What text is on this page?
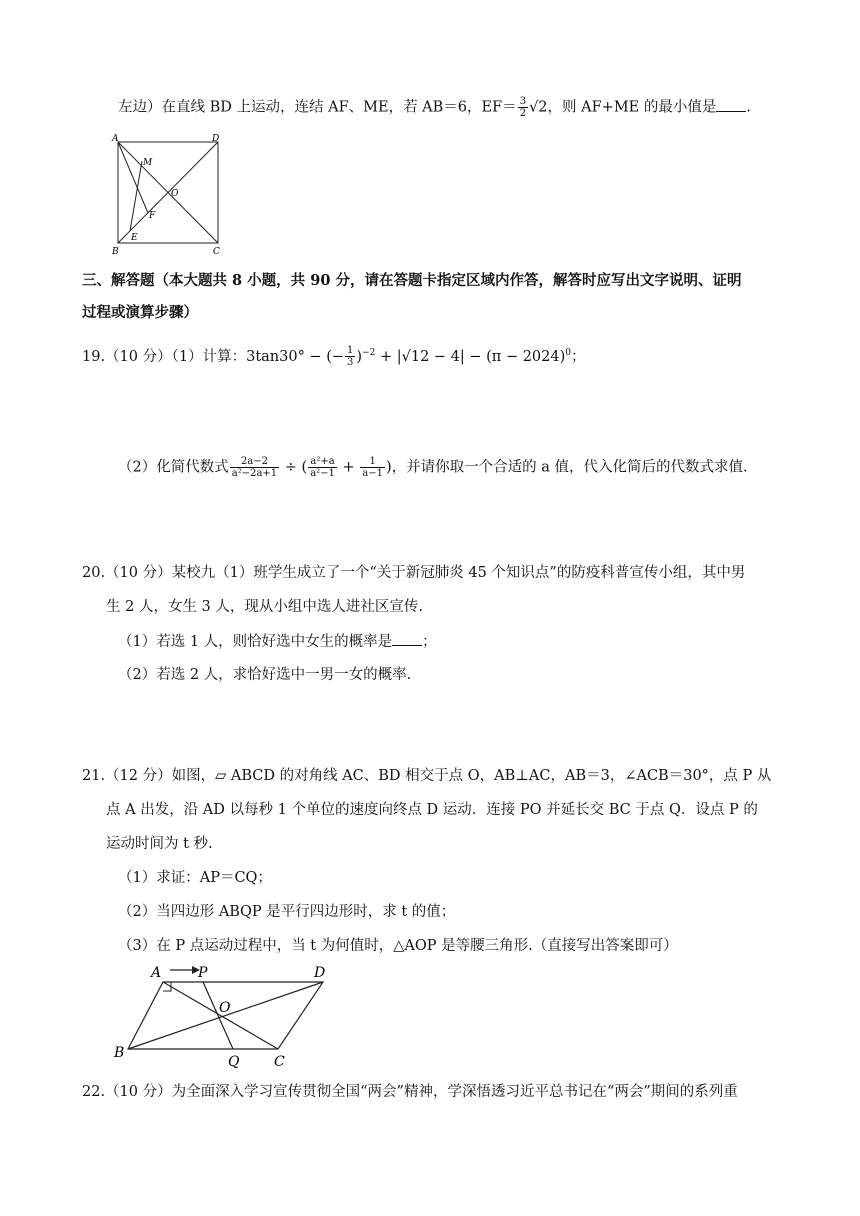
左边）在直线 BD 上运动，连结 AF、ME，若 AB＝6，$EF= \frac{3}{2} √2$，则 AF+ME 的最小值是 .
A	D
M
O
F
E
B	C
三、解答题（本大题共 8 小题，共 90 分，请在答题卡指定区域内作答，解答时应写出文字说明、证明
过程或演算步骤）
19.（10 分）（1）计算：3tan30° − (− $\frac{1}{3} )^{-2} + |√12 - 4| - (\pi - 2024)^0$；
（2）化简代数式 $\frac{2a-2}{\text{a²−2a+1}}$ ÷ ( $\frac{\text{a²+a}}{\text{a²−1}} + \frac{1}{a-1}$ )，并请你取一个合适的 a 值，代入化简后的代数式求值.
20.（10 分）某校九（1）班学生成立了一个“关于新冠肺炎 45 个知识点”的防疫科普宣传小组，其中男
生 2 人，女生 3 人，现从小组中选人进社区宣传.
（1）若选 1 人，则恰好选中女生的概率是 ；
（2）若选 2 人，求恰好选中一男一女的概率.
21.（12 分）如图，▱ ABCD 的对角线 AC、BD 相交于点 O，AB⊥AC，AB＝3，∠ACB＝30°，点 P 从
点 A 出发，沿 AD 以每秒 1 个单位的速度向终点 D 运动．连接 PO 并延长交 BC 于点 Q．设点 P 的
运动时间为 t 秒.
（1）求证：AP＝CQ；
（2）当四边形 ABQP 是平行四边形时，求 t 的值；
（3）在 P 点运动过程中，当 t 为何值时，△AOP 是等腰三角形.（直接写出答案即可）
A	P	D
O
B
Q C
22.（10 分）为全面深入学习宣传贯彻全国“两会”精神，学深悟透习近平总书记在“两会”期间的系列重
